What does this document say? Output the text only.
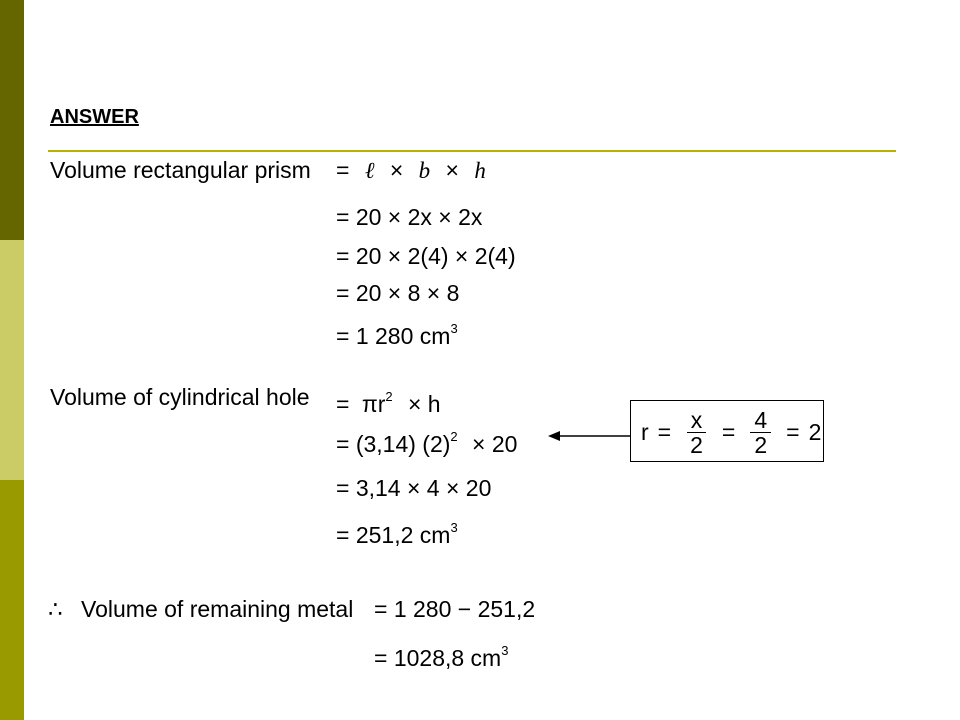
ANSWER
Volume rectangular prism = ℓ × b × h
= 20 × 2x × 2x
= 20 × 2(4) × 2(4)
= 20 × 8 × 8
= 1 280 $cm^3$
Volume of cylindrical hole = $\pi r^2 \times h$
= (3,14) $(2)^2 \times 20$
= 3,14 × 4 × 20
= 251,2 $cm^3$
$r = \frac{x}{2} = \frac{4}{2} = 2$
∴ Volume of remaining metal = 1 280 − 251,2
= 1028,8 $cm^3$
